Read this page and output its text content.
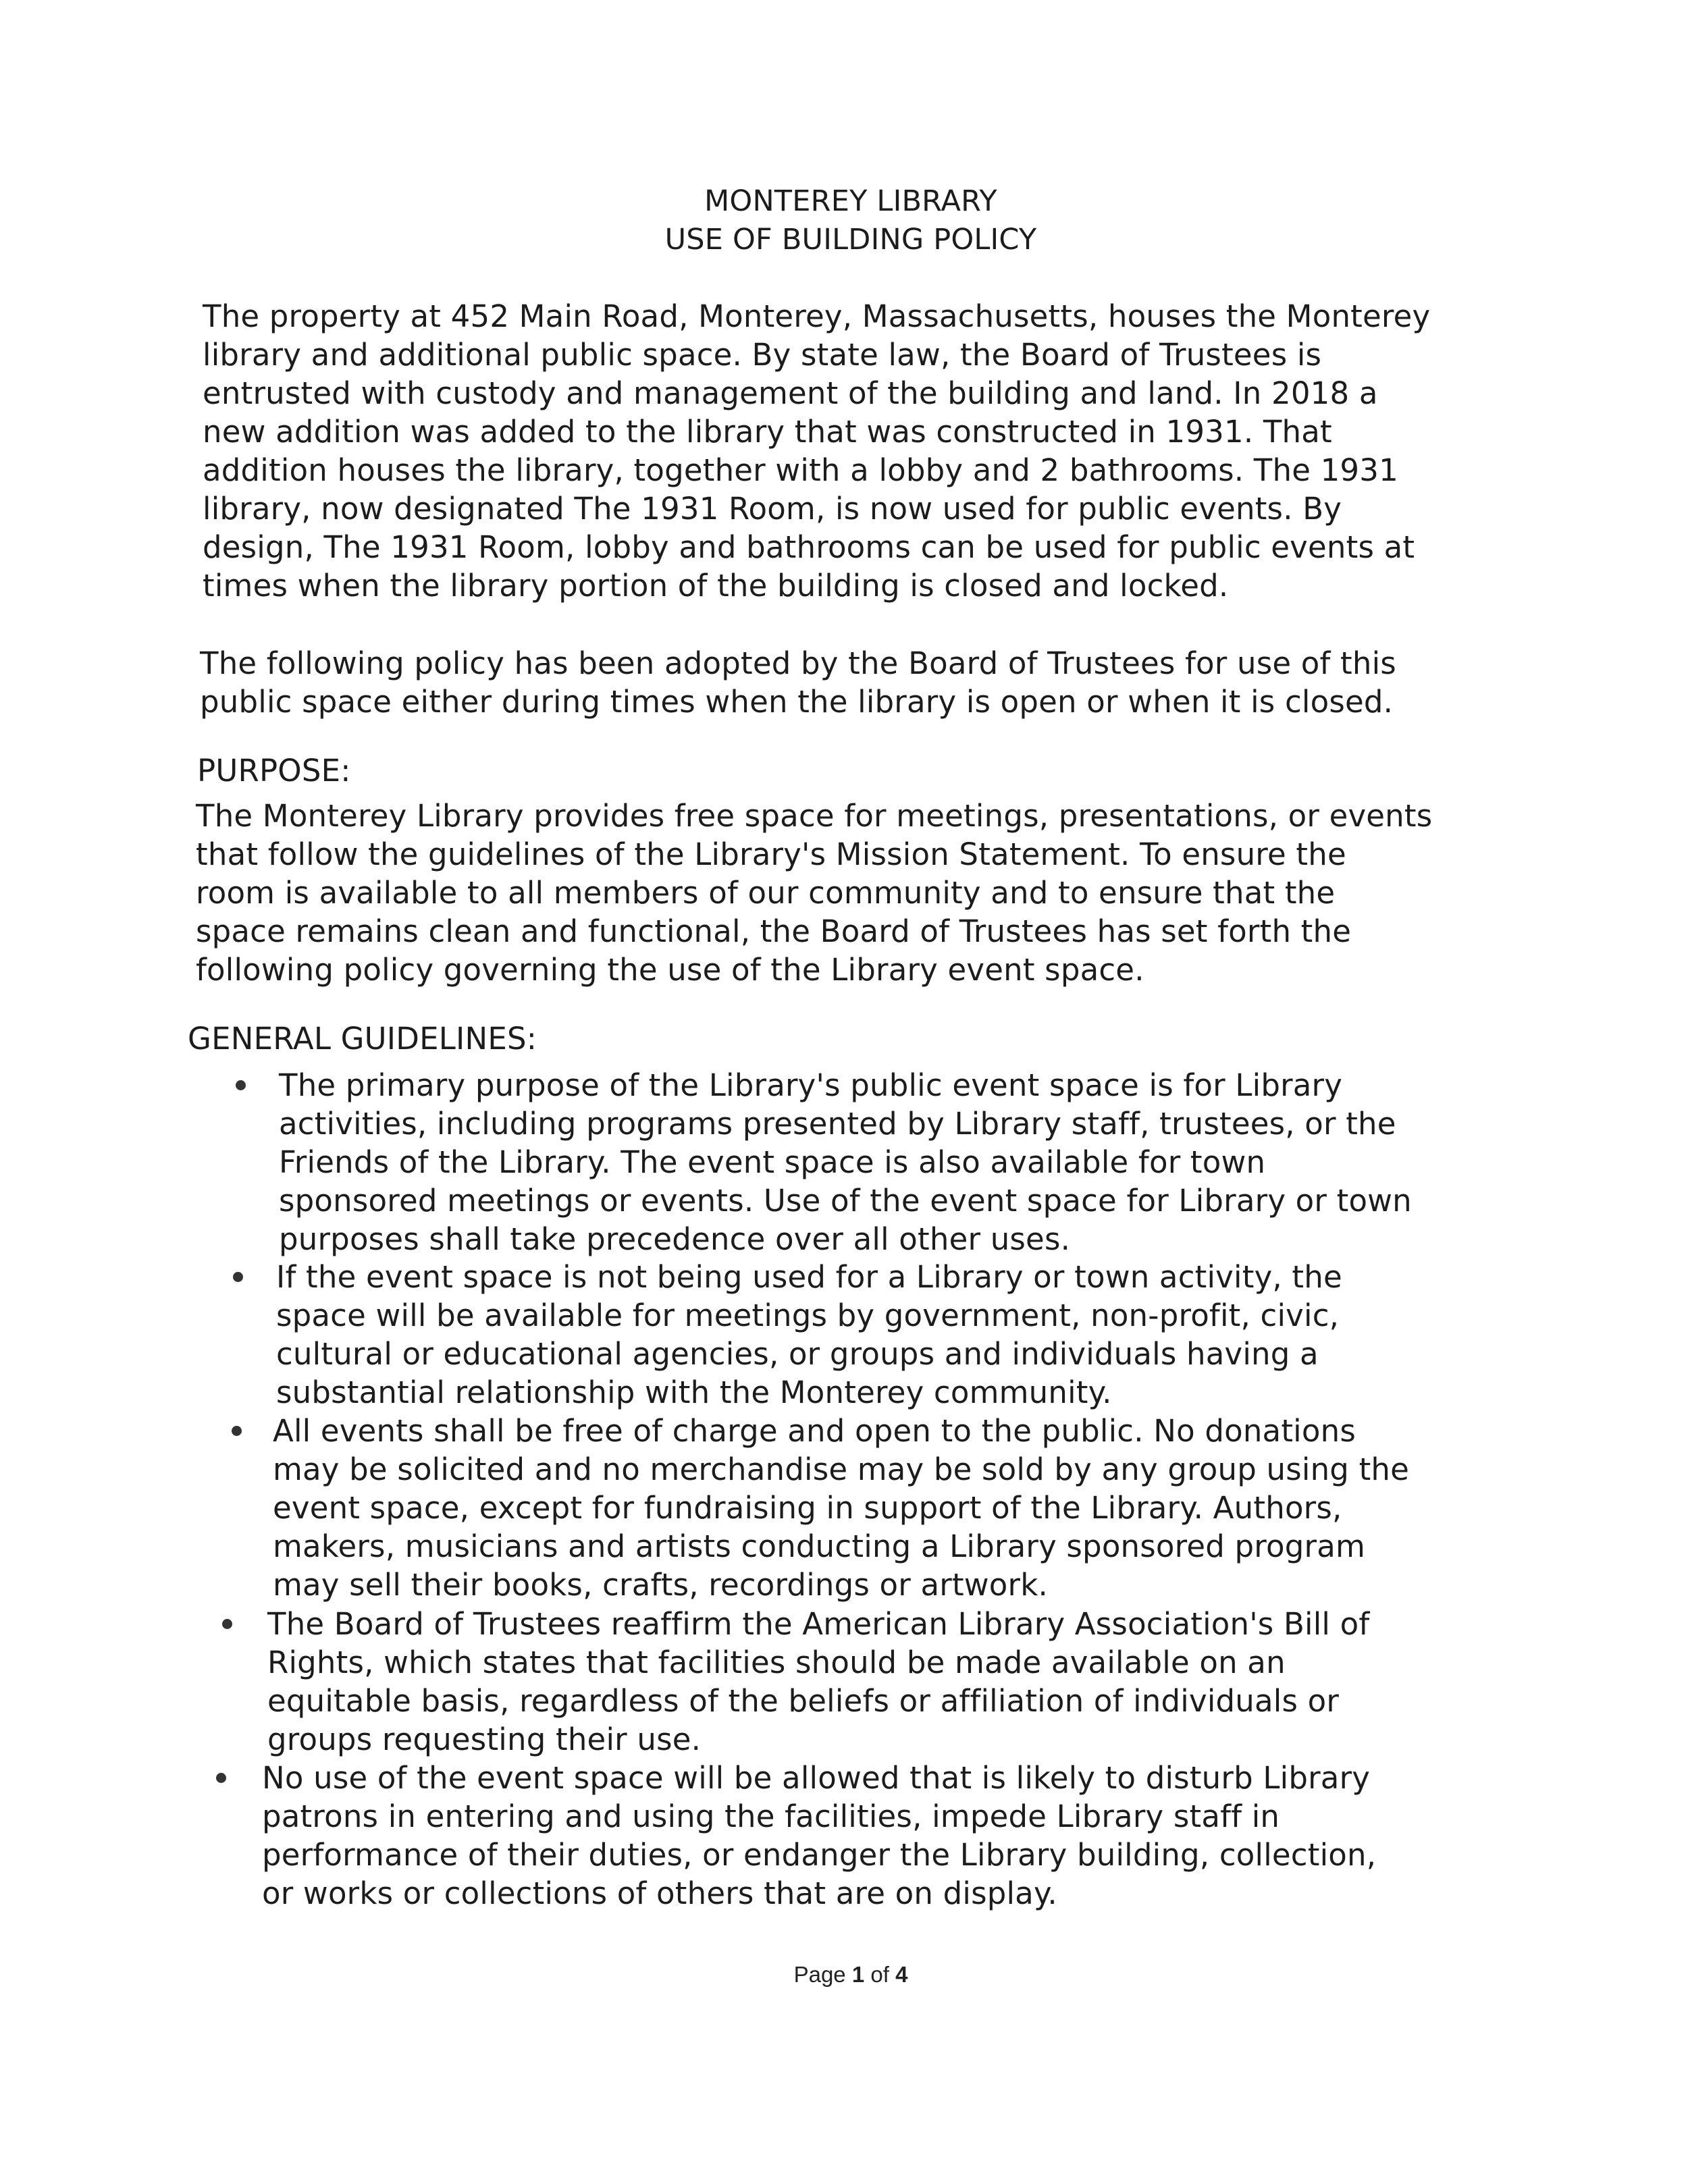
MONTEREY LIBRARY
USE OF BUILDING POLICY
The property at 452 Main Road, Monterey, Massachusetts, houses the Monterey
library and additional public space. By state law, the Board of Trustees is
entrusted with custody and management of the building and land. In 2018 a
new addition was added to the library that was constructed in 1931. That
addition houses the library, together with a lobby and 2 bathrooms. The 1931
library, now designated The 1931 Room, is now used for public events. By
design, The 1931 Room, lobby and bathrooms can be used for public events at
times when the library portion of the building is closed and locked.
The following policy has been adopted by the Board of Trustees for use of this
public space either during times when the library is open or when it is closed.
PURPOSE:
The Monterey Library provides free space for meetings, presentations, or events
that follow the guidelines of the Library's Mission Statement. To ensure the
room is available to all members of our community and to ensure that the
space remains clean and functional, the Board of Trustees has set forth the
following policy governing the use of the Library event space.
GENERAL GUIDELINES:
The primary purpose of the Library's public event space is for Library
activities, including programs presented by Library staff, trustees, or the
Friends of the Library. The event space is also available for town
sponsored meetings or events. Use of the event space for Library or town
purposes shall take precedence over all other uses.
If the event space is not being used for a Library or town activity, the
space will be available for meetings by government, non-profit, civic,
cultural or educational agencies, or groups and individuals having a
substantial relationship with the Monterey community.
All events shall be free of charge and open to the public. No donations
may be solicited and no merchandise may be sold by any group using the
event space, except for fundraising in support of the Library. Authors,
makers, musicians and artists conducting a Library sponsored program
may sell their books, crafts, recordings or artwork.
The Board of Trustees reaffirm the American Library Association's Bill of
Rights, which states that facilities should be made available on an
equitable basis, regardless of the beliefs or affiliation of individuals or
groups requesting their use.
No use of the event space will be allowed that is likely to disturb Library
patrons in entering and using the facilities, impede Library staff in
performance of their duties, or endanger the Library building, collection,
or works or collections of others that are on display.
Page 1 of 4
